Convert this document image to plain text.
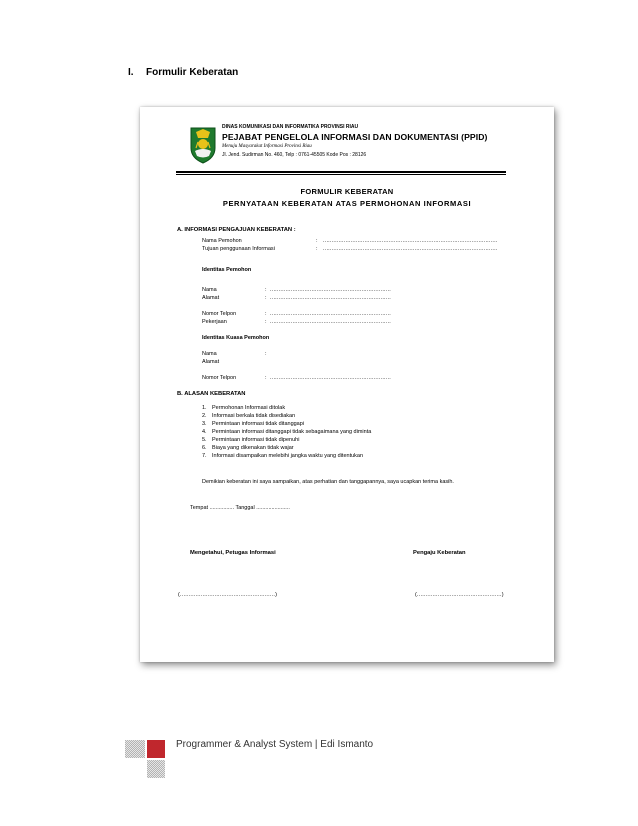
I. Formulir Keberatan
DINAS KOMUNIKASI DAN INFORMATIKA PROVINSI RIAU
PEJABAT PENGELOLA INFORMASI DAN DOKUMENTASI (PPID)
Menuju Masyarakat Informasi Provinsi Riau
Jl. Jend. Sudirman No. 460, Telp : 0761-45505 Kode Pos : 28126
FORMULIR KEBERATAN
PERNYATAAN KEBERATAN ATAS PERMOHONAN INFORMASI
A. INFORMASI PENGAJUAN KEBERATAN :
Nama Pemohon	: .....................................................................................................
Tujuan penggunaan Informasi	: .....................................................................................................
Identitas Pemohon
Nama	: ......................................................................
Alamat	: ......................................................................
Nomor Telpon	: ......................................................................
Pekerjaan	: ......................................................................
Identitas Kuasa Pemohon
Nama	:
Alamat
Nomor Telpon	: ......................................................................
B. ALASAN KEBERATAN
1. Permohonan Informasi ditolak
2. Informasi berkala tidak disediakan
3. Permintaan informasi tidak ditanggapi
4. Permintaan informasi ditanggapi tidak sebagaimana yang diminta
5. Permintaan informasi tidak dipenuhi
6. Biaya yang dikenakan tidak wajar
7. Informasi disampaikan melebihi jangka waktu yang ditentukan
Demikian keberatan ini saya sampaikan, atas perhatian dan tanggapannya, saya ucapkan terima kasih.
Tempat ................ Tanggal ......................
Mengetahui, Petugas Informasi	Pengaju Keberatan
(.......................................................)	(.................................................)
Programmer & Analyst System | Edi Ismanto
